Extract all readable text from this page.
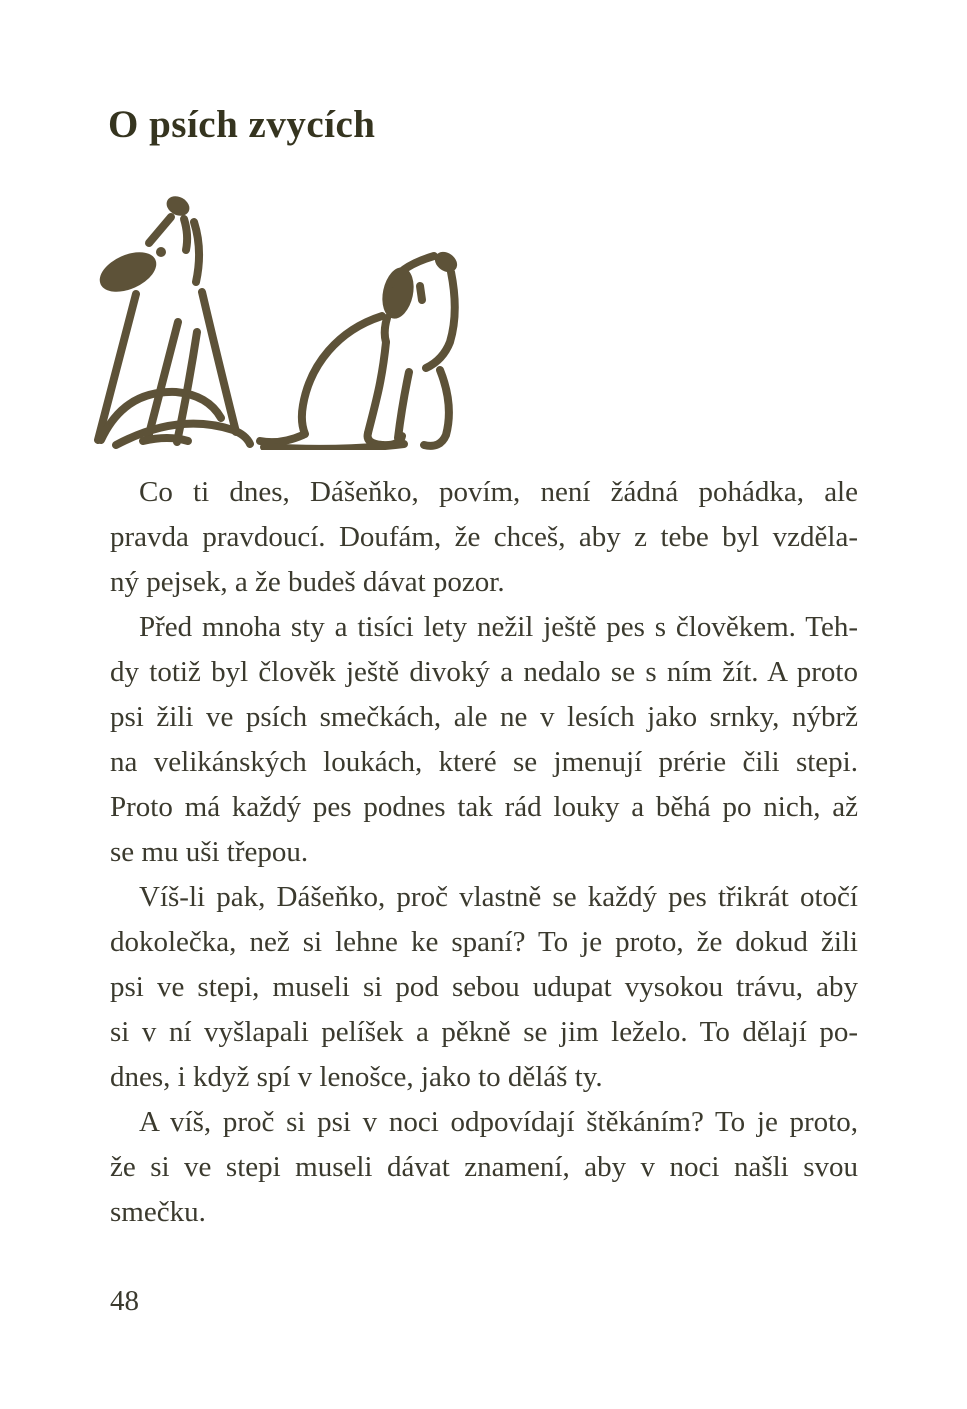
O psích zvycích

Co ti dnes, Dášeňko, povím, není žádná pohádka, ale
pravda pravdoucí. Doufám, že chceš, aby z tebe byl vzděla-
ný pejsek, a že budeš dávat pozor.

Před mnoha sty a tisíci lety nežil ještě pes s člověkem. Teh-
dy totiž byl člověk ještě divoký a nedalo se s ním žít. A proto
psi žili ve psích smečkách, ale ne v lesích jako srnky, nýbrž
na velikánských loukách, které se jmenují prérie čili stepi.
Proto má každý pes podnes tak rád louky a běhá po nich, až
se mu uši třepou.

Víš-li pak, Dášeňko, proč vlastně se každý pes třikrát otočí
dokolečka, než si lehne ke spaní? To je proto, že dokud žili
psi ve stepi, museli si pod sebou udupat vysokou trávu, aby
si v ní vyšlapali pelíšek a pěkně se jim leželo. To dělají po-
dnes, i když spí v lenošce, jako to děláš ty.

A víš, proč si psi v noci odpovídají štěkáním? To je proto,
že si ve stepi museli dávat znamení, aby v noci našli svou
smečku.

48
